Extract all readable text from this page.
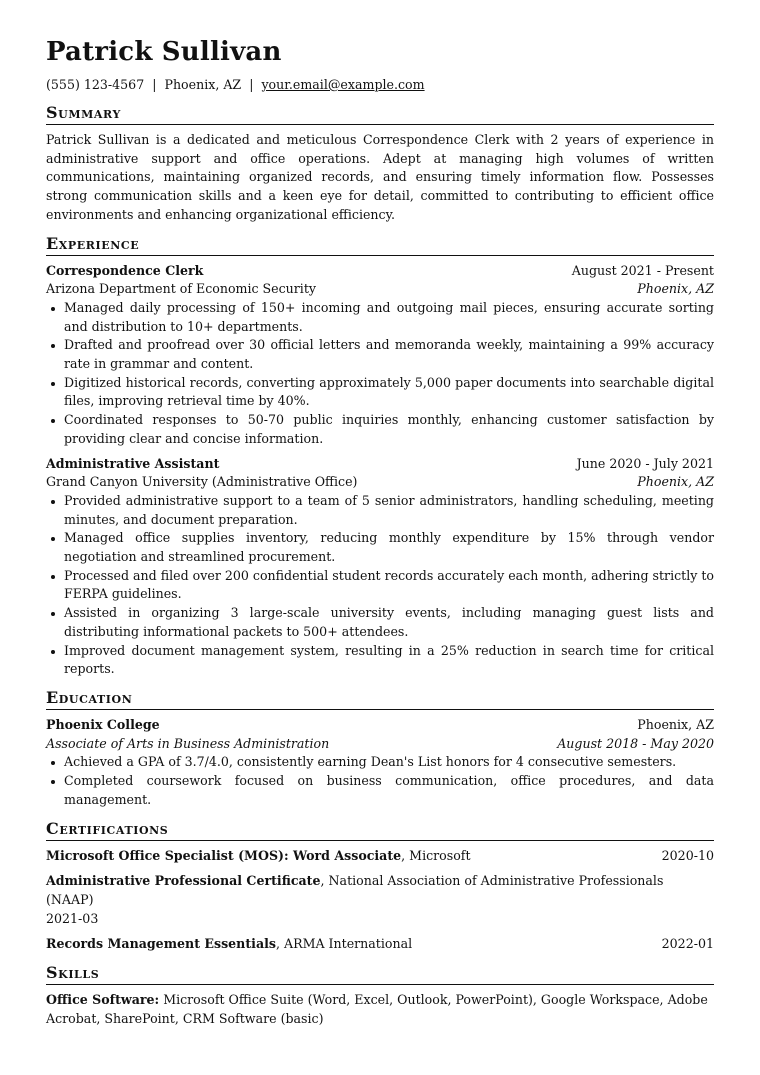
Patrick Sullivan
(555) 123-4567 | Phoenix, AZ | your.email@example.com
Summary

Patrick Sullivan is a dedicated and meticulous Correspondence Clerk with 2 years of experience in administrative support and office operations. Adept at managing high volumes of written communications, maintaining organized records, and ensuring timely information flow. Possesses strong communication skills and a keen eye for detail, committed to contributing to efficient office environments and enhancing organizational efficiency.

Experience
Correspondence Clerk	August 2021 - Present
Arizona Department of Economic Security	Phoenix, AZ
Managed daily processing of 150+ incoming and outgoing mail pieces, ensuring accurate sorting and distribution to 10+ departments.
Drafted and proofread over 30 official letters and memoranda weekly, maintaining a 99% accuracy rate in grammar and content.
Digitized historical records, converting approximately 5,000 paper documents into searchable digital files, improving retrieval time by 40%.
Coordinated responses to 50-70 public inquiries monthly, enhancing customer satisfaction by providing clear and concise information.
Administrative Assistant	June 2020 - July 2021
Grand Canyon University (Administrative Office)	Phoenix, AZ
Provided administrative support to a team of 5 senior administrators, handling scheduling, meeting minutes, and document preparation.
Managed office supplies inventory, reducing monthly expenditure by 15% through vendor negotiation and streamlined procurement.
Processed and filed over 200 confidential student records accurately each month, adhering strictly to FERPA guidelines.
Assisted in organizing 3 large-scale university events, including managing guest lists and distributing informational packets to 500+ attendees.
Improved document management system, resulting in a 25% reduction in search time for critical reports.
Education
Phoenix College	Phoenix, AZ
Associate of Arts in Business Administration	August 2018 - May 2020
Achieved a GPA of 3.7/4.0, consistently earning Dean's List honors for 4 consecutive semesters.
Completed coursework focused on business communication, office procedures, and data management.
Certifications
Microsoft Office Specialist (MOS): Word Associate, Microsoft	2020-10
Administrative Professional Certificate, National Association of Administrative Professionals (NAAP)
2021-03
Records Management Essentials, ARMA International	2022-01
Skills

Office Software: Microsoft Office Suite (Word, Excel, Outlook, PowerPoint), Google Workspace, Adobe Acrobat, SharePoint, CRM Software (basic)
